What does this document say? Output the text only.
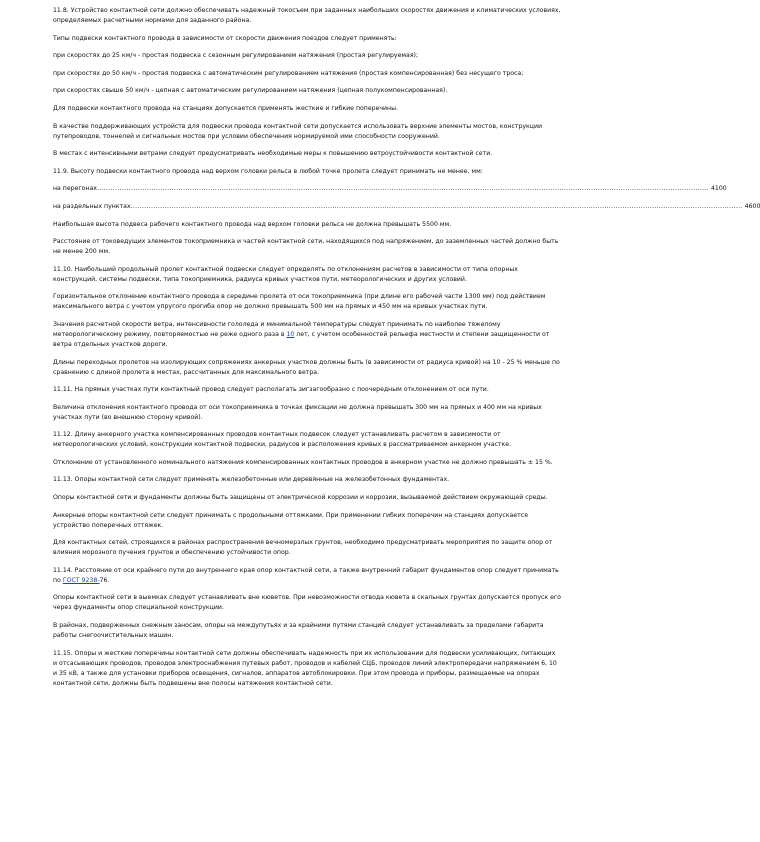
11.8. Устройство контактной сети должно обеспечивать надежный токосъем при заданных наибольших скоростях движения и климатических условиях, определяемых расчетными нормами для заданного района.

Типы подвески контактного провода в зависимости от скорости движения поездов следует применять:

при скоростях до 25 км/ч - простая подвеска с сезонным регулированием натяжения (простая регулируемая);

при скоростях до 50 км/ч - простая подвеска с автоматическим регулированием натяжения (простая компенсированная) без несущего троса;

при скоростях свыше 50 км/ч - цепная с автоматическим регулированием натяжения (цепная полукомпенсированная).

Для подвески контактного провода на станциях допускается применять жесткие и гибкие поперечины.

В качестве поддерживающих устройств для подвески провода контактной сети допускается использовать верхние элементы мостов, конструкции путепроводов, тоннелей и сигнальных мостов при условии обеспечения нормируемой ими способности сооружений.

В местах с интенсивными ветрами следует предусматривать необходимые меры к повышению ветроустойчивости контактной сети.

11.9. Высоту подвески контактного провода над верхом головки рельса в любой точке пролета следует принимать не менее, мм:

на перегонах .............................................................................................................................................................................................................................................................................. 4100

на раздельных пунктах .............................................................................................................................................................................................................................................................................. 4600

Наибольшая высота подвеса рабочего контактного провода над верхом головки рельса не должна превышать 5500 мм.

Расстояние от токоведущих элементов токоприемника и частей контактной сети, находящихся под напряжением, до заземленных частей должно быть не менее 200 мм.

11.10. Наибольший продольный пролет контактной подвески следует определять по отклонениям расчетов в зависимости от типа опорных конструкций, системы подвески, типа токоприемника, радиуса кривых участков пути, метеорологических и других условий.

Горизонтальное отклонение контактного провода в середине пролета от оси токоприемника (при длине его рабочей части 1300 мм) под действием максимального ветра с учетом упругого прогиба опор не должно превышать 500 мм на прямых и 450 мм на кривых участках пути.

Значения расчетной скорости ветра, интенсивности гололеда и минимальной температуры следует принимать по наиболее тяжелому метеорологическому режиму, повторяемостью не реже одного раза в 10 лет, с учетом особенностей рельефа местности и степени защищенности от ветра отдельных участков дороги.

Длины переходных пролетов на изолирующих сопряжениях анкерных участков должны быть (в зависимости от радиуса кривой) на 10 - 25 % меньше по сравнению с длиной пролета в местах, рассчитанных для максимального ветра.

11.11. На прямых участках пути контактный провод следует располагать зигзагообразно с поочередным отклонением от оси пути.

Величина отклонения контактного провода от оси токоприемника в точках фиксации не должна превышать 300 мм на прямых и 400 мм на кривых участках пути (во внешнюю сторону кривой).

11.12. Длину анкерного участка компенсированных проводов контактных подвесок следует устанавливать расчетом в зависимости от метеорологических условий, конструкции контактной подвески, радиусов и расположения кривых в рассматриваемом анкерном участке.

Отклонение от установленного номинального натяжения компенсированных контактных проводов в анкерном участке не должно превышать ± 15 %.

11.13. Опоры контактной сети следует применять железобетонные или деревянные на железобетонных фундаментах.

Опоры контактной сети и фундаменты должны быть защищены от электрической коррозии и коррозии, вызываемой действием окружающей среды.

Анкерные опоры контактной сети следует принимать с продольными оттяжками. При применении гибких поперечин на станциях допускается устройство поперечных оттяжек.

Для контактных сетей, строящихся в районах распространения вечномерзлых грунтов, необходимо предусматривать мероприятия по защите опор от влияния морозного пучения грунтов и обеспечению устойчивости опор.

11.14. Расстояние от оси крайнего пути до внутреннего края опор контактной сети, а также внутренний габарит фундаментов опор следует принимать по ГОСТ 9238-76.

Опоры контактной сети в выемках следует устанавливать вне кюветов. При невозможности отвода кювета в скальных грунтах допускается пропуск его через фундаменты опор специальной конструкции.

В районах, подверженных снежным заносам, опоры на междупутьях и за крайними путями станций следует устанавливать за пределами габарита работы снегоочистительных машин.

11.15. Опоры и жесткие поперечины контактной сети должны обеспечивать надежность при их использовании для подвески усиливающих, питающих и отсасывающих проводов, проводов электроснабжения путевых работ, проводов и кабелей СЦБ, проводов линий электропередачи напряжением 6, 10 и 35 кВ, а также для установки приборов освещения, сигналов, аппаратов автоблокировки. При этом провода и приборы, размещаемые на опорах контактной сети, должны быть подвешены вне полосы натяжения контактной сети.
